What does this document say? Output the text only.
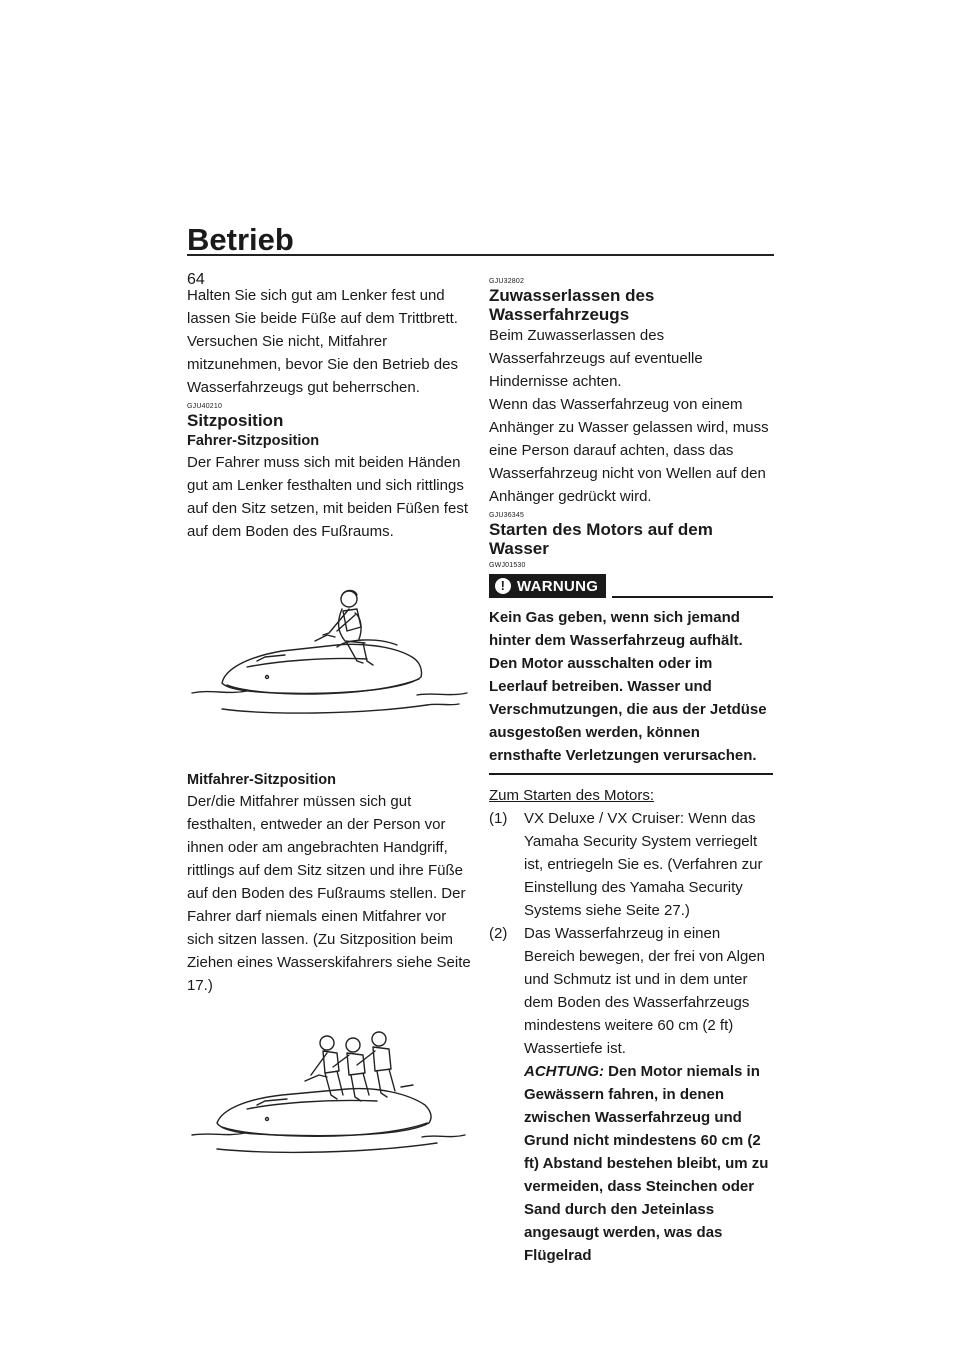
Betrieb
64

Halten Sie sich gut am Lenker fest und lassen Sie beide Füße auf dem Trittbrett. Versuchen Sie nicht, Mitfahrer mitzunehmen, bevor Sie den Betrieb des Wasserfahrzeugs gut beherrschen.

GJU40210
Sitzposition
Fahrer-Sitzposition

Der Fahrer muss sich mit beiden Händen gut am Lenker festhalten und sich rittlings auf den Sitz setzen, mit beiden Füßen fest auf dem Boden des Fußraums.

Mitfahrer-Sitzposition

Der/die Mitfahrer müssen sich gut festhalten, entweder an der Person vor ihnen oder am angebrachten Handgriff, rittlings auf dem Sitz sitzen und ihre Füße auf den Boden des Fußraums stellen. Der Fahrer darf niemals einen Mitfahrer vor sich sitzen lassen. (Zu Sitzposition beim Ziehen eines Wasserskifahrers siehe Seite 17.)

GJU32802
Zuwasserlassen des
Wasserfahrzeugs

Beim Zuwasserlassen des Wasserfahrzeugs auf eventuelle Hindernisse achten.

Wenn das Wasserfahrzeug von einem Anhänger zu Wasser gelassen wird, muss eine Person darauf achten, dass das Wasserfahrzeug nicht von Wellen auf den Anhänger gedrückt wird.

GJU36345
Starten des Motors auf dem Wasser
GWJ01530
! WARNUNG

Kein Gas geben, wenn sich jemand hinter dem Wasserfahrzeug aufhält. Den Motor ausschalten oder im Leerlauf betreiben. Wasser und Verschmutzungen, die aus der Jetdüse ausgestoßen werden, können ernsthafte Verletzungen verursachen.

Zum Starten des Motors:

(1) VX Deluxe / VX Cruiser: Wenn das Yamaha Security System verriegelt ist, entriegeln Sie es. (Verfahren zur Einstellung des Yamaha Security Systems siehe Seite 27.)
(2) Das Wasserfahrzeug in einen Bereich bewegen, der frei von Algen und Schmutz ist und in dem unter dem Boden des Wasserfahrzeugs mindestens weitere 60 cm (2 ft) Wassertiefe ist.
ACHTUNG: Den Motor niemals in Gewässern fahren, in denen zwischen Wasserfahrzeug und Grund nicht mindestens 60 cm (2 ft) Abstand bestehen bleibt, um zu vermeiden, dass Steinchen oder Sand durch den Jeteinlass angesaugt werden, was das Flügelrad
